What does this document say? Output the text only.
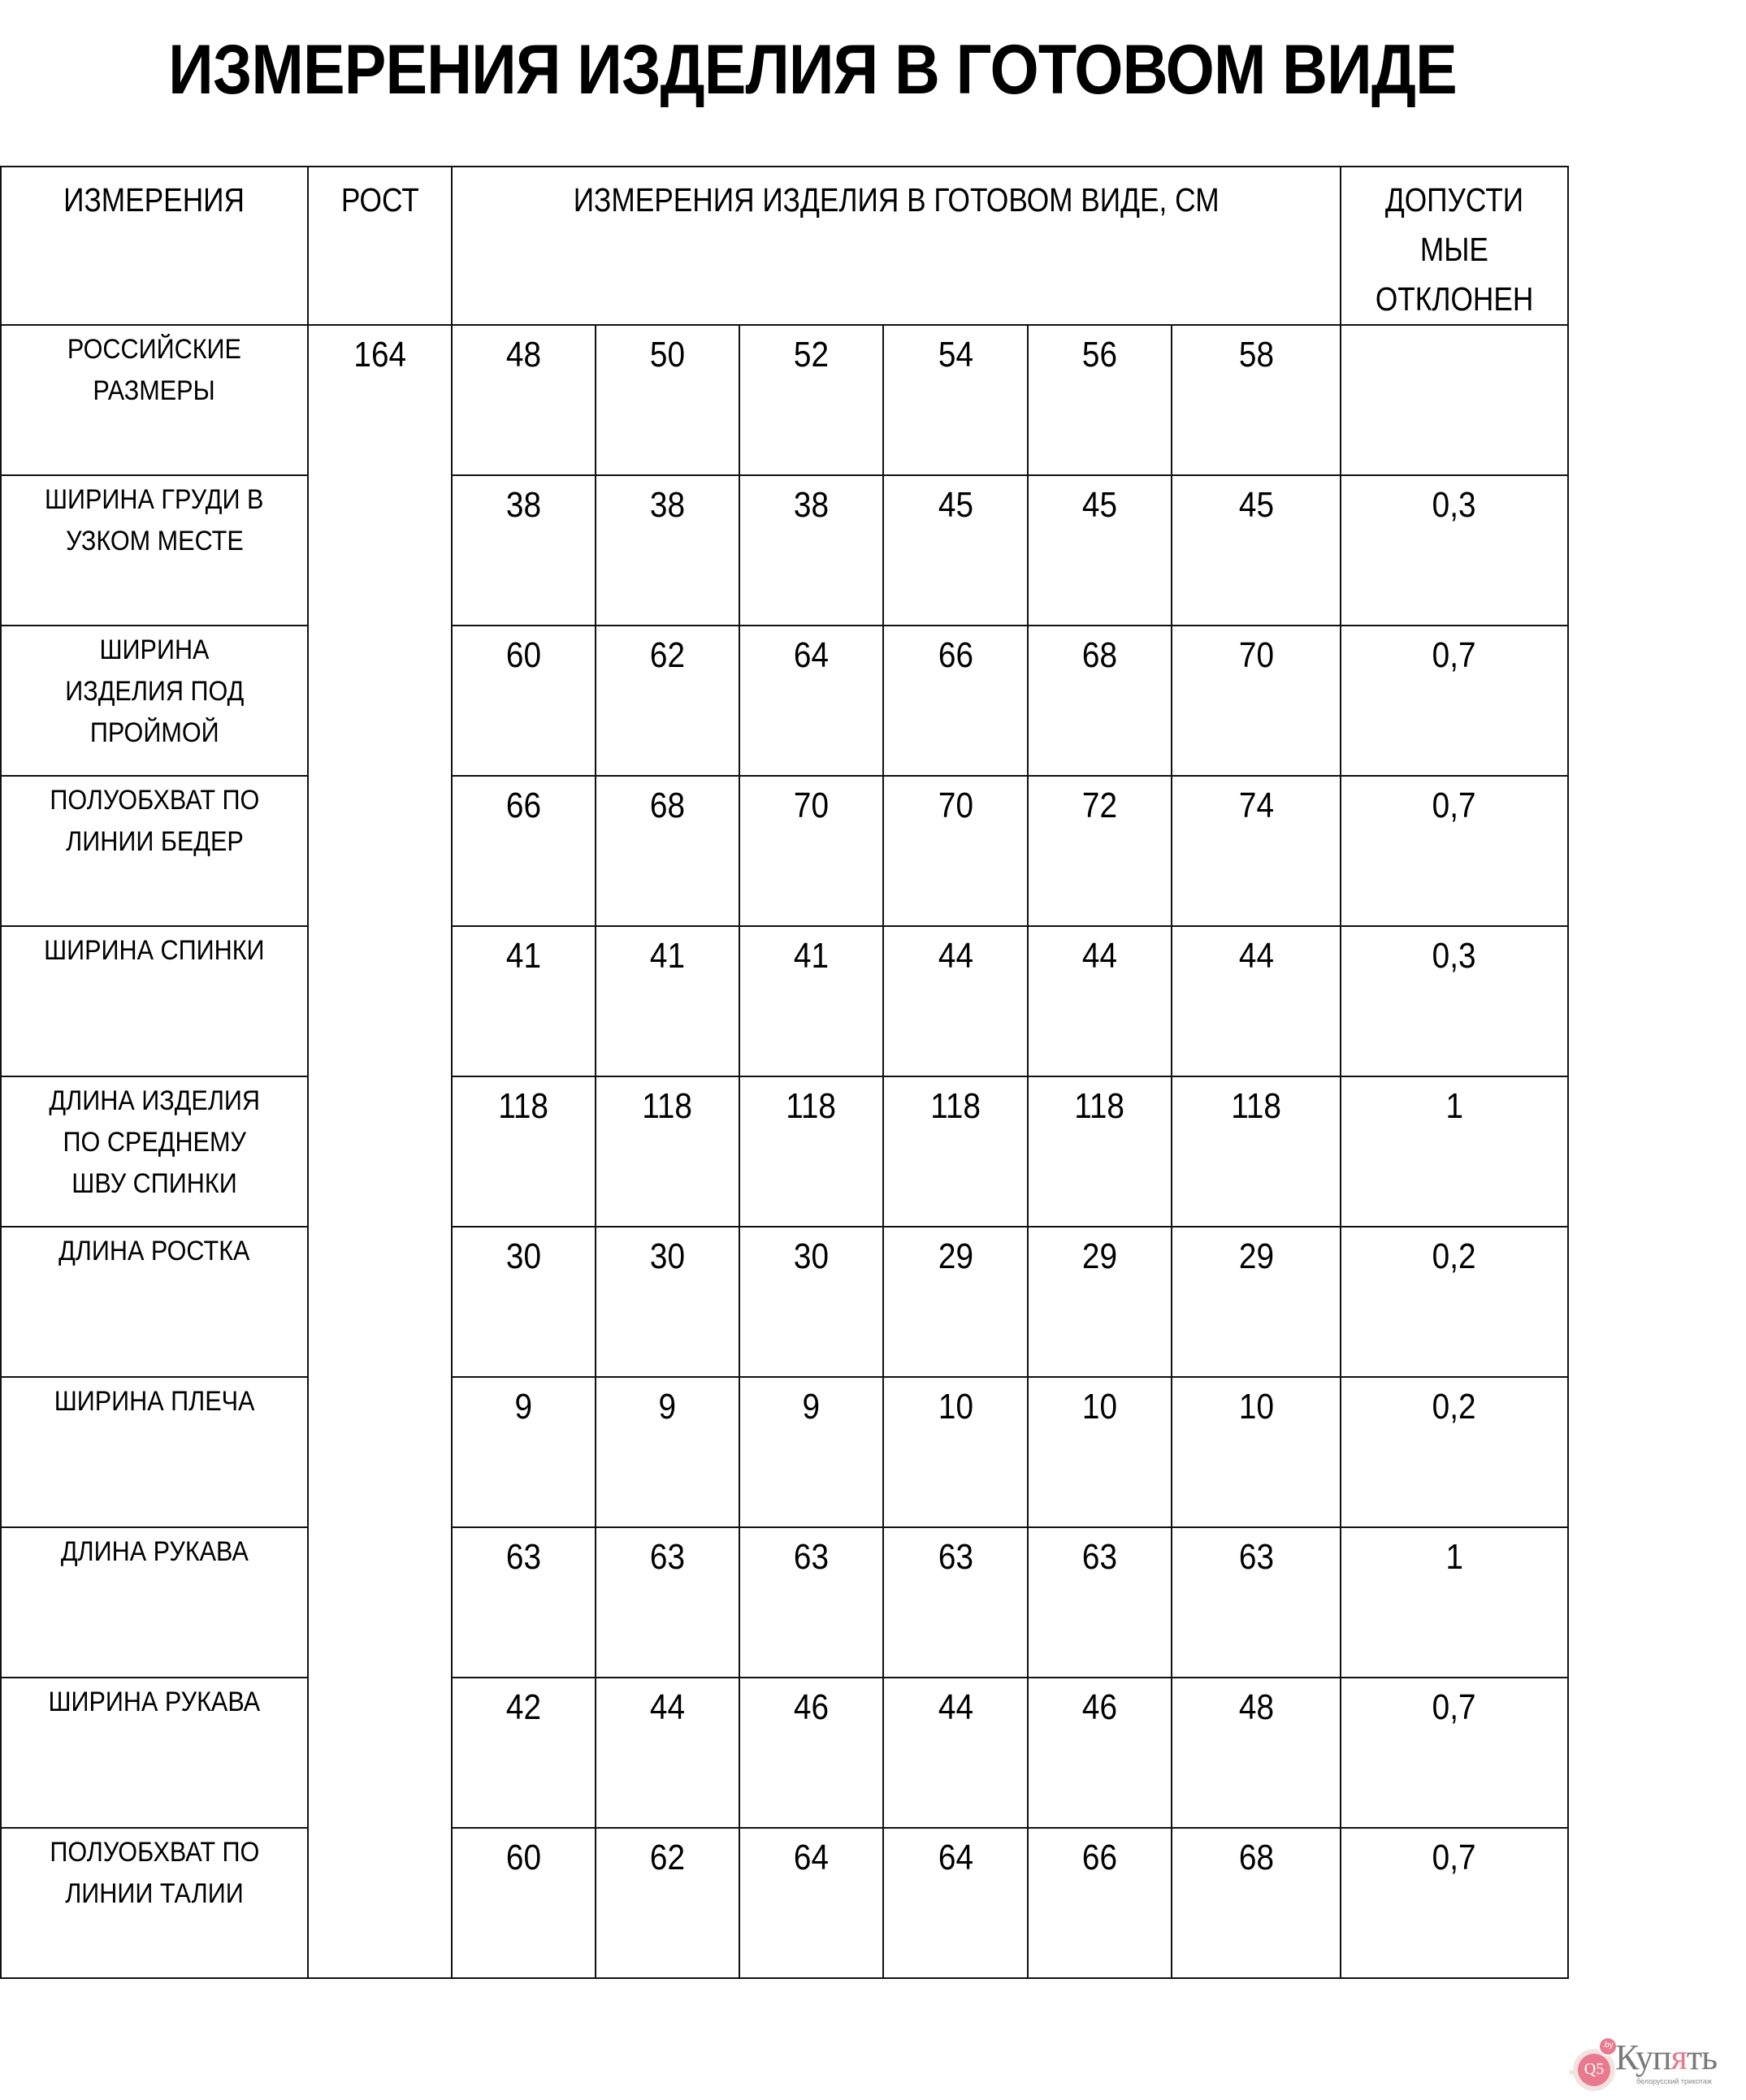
ИЗМЕРЕНИЯ ИЗДЕЛИЯ В ГОТОВОМ ВИДЕ
ИЗМЕРЕНИЯ	РОСТ	ИЗМЕРЕНИЯ ИЗДЕЛИЯ В ГОТОВОМ ВИДЕ, СМ						ДОПУСТИ
МЫЕ
ОТКЛОНЕН

РОССИЙСКИЕ
РАЗМЕРЫ	164	48	50	52	54	56	58	

ШИРИНА ГРУДИ В
УЗКОМ МЕСТЕ		38	38	38	45	45	45	0,3

ШИРИНА
ИЗДЕЛИЯ ПОД
ПРОЙМОЙ		60	62	64	66	68	70	0,7

ПОЛУОБХВАТ ПО
ЛИНИИ БЕДЕР		66	68	70	70	72	74	0,7

ШИРИНА СПИНКИ		41	41	41	44	44	44	0,3

ДЛИНА ИЗДЕЛИЯ
ПО СРЕДНЕМУ
ШВУ СПИНКИ		118	118	118	118	118	118	1

ДЛИНА РОСТКА		30	30	30	29	29	29	0,2

ШИРИНА ПЛЕЧА		9	9	9	10	10	10	0,2

ДЛИНА РУКАВА		63	63	63	63	63	63	1

ШИРИНА РУКАВА		42	44	46	44	46	48	0,7

ПОЛУОБХВАТ ПО
ЛИНИИ ТАЛИИ		60	62	64	64	66	68	0,7
Q5
.by Купять
белорусский трикотаж
